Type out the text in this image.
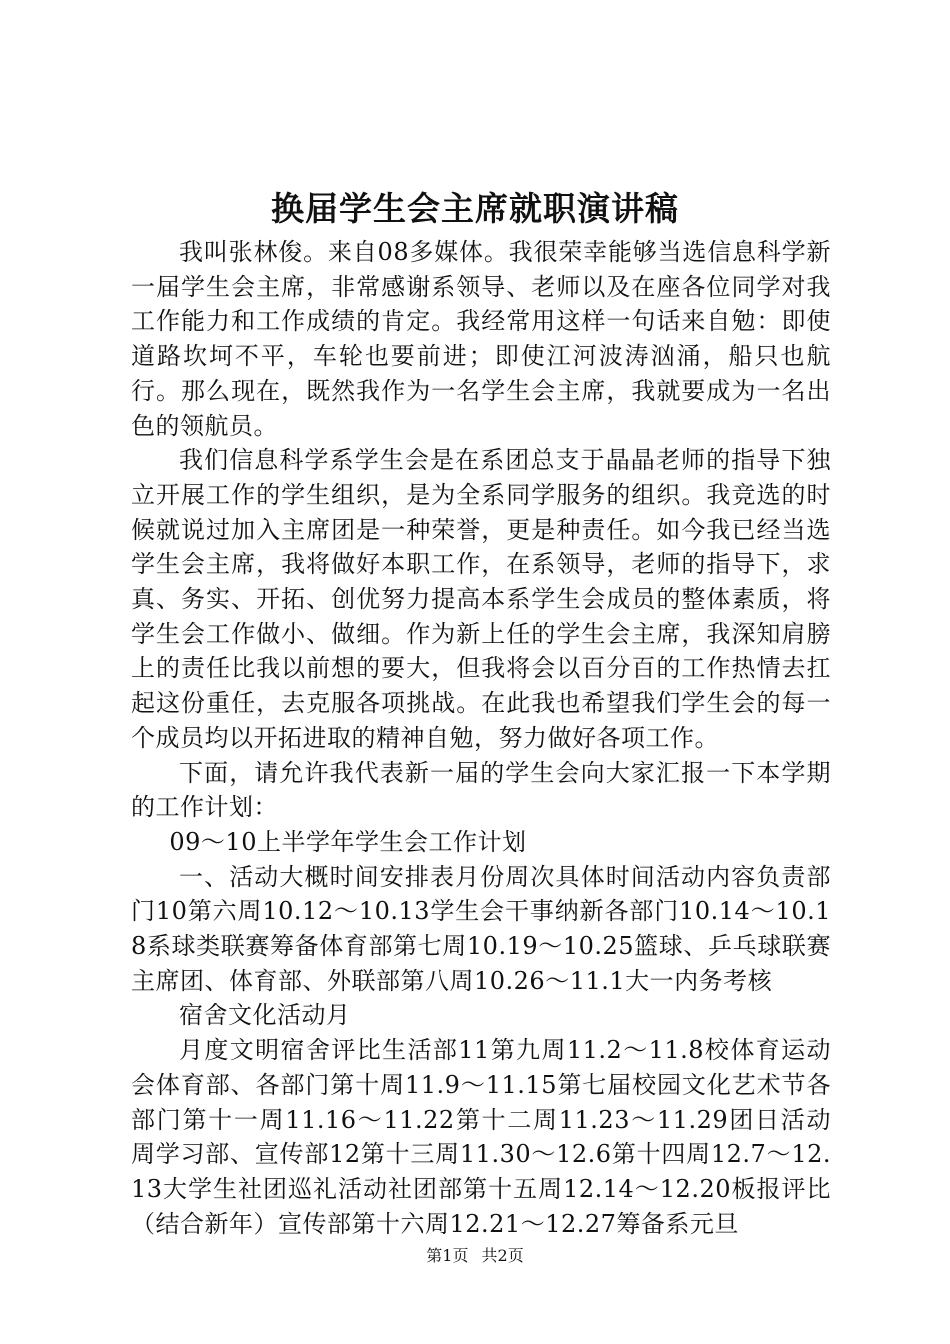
换届学生会主席就职演讲稿

我叫张林俊。来自08多媒体。我很荣幸能够当选信息科学新一届学生会主席，非常感谢系领导、老师以及在座各位同学对我工作能力和工作成绩的肯定。我经常用这样一句话来自勉：即使道路坎坷不平，车轮也要前进；即使江河波涛汹涌，船只也航行。那么现在，既然我作为一名学生会主席，我就要成为一名出色的领航员。

我们信息科学系学生会是在系团总支于晶晶老师的指导下独立开展工作的学生组织，是为全系同学服务的组织。我竞选的时候就说过加入主席团是一种荣誉，更是种责任。如今我已经当选学生会主席，我将做好本职工作，在系领导，老师的指导下，求真、务实、开拓、创优努力提高本系学生会成员的整体素质，将学生会工作做小、做细。作为新上任的学生会主席，我深知肩膀上的责任比我以前想的要大，但我将会以百分百的工作热情去扛起这份重任，去克服各项挑战。在此我也希望我们学生会的每一个成员均以开拓进取的精神自勉，努力做好各项工作。

下面，请允许我代表新一届的学生会向大家汇报一下本学期的工作计划：

09～10上半学年学生会工作计划

一、活动大概时间安排表月份周次具体时间活动内容负责部门10第六周10.12～10.13学生会干事纳新各部门10.14～10.18系球类联赛筹备体育部第七周10.19～10.25篮球、乒乓球联赛主席团、体育部、外联部第八周10.26～11.1大一内务考核

宿舍文化活动月

月度文明宿舍评比生活部11第九周11.2～11.8校体育运动会体育部、各部门第十周11.9～11.15第七届校园文化艺术节各部门第十一周11.16～11.22第十二周11.23～11.29团日活动周学习部、宣传部12第十三周11.30～12.6第十四周12.7～12.13大学生社团巡礼活动社团部第十五周12.14～12.20板报评比（结合新年）宣传部第十六周12.21～12.27筹备系元旦

第1页 共2页
